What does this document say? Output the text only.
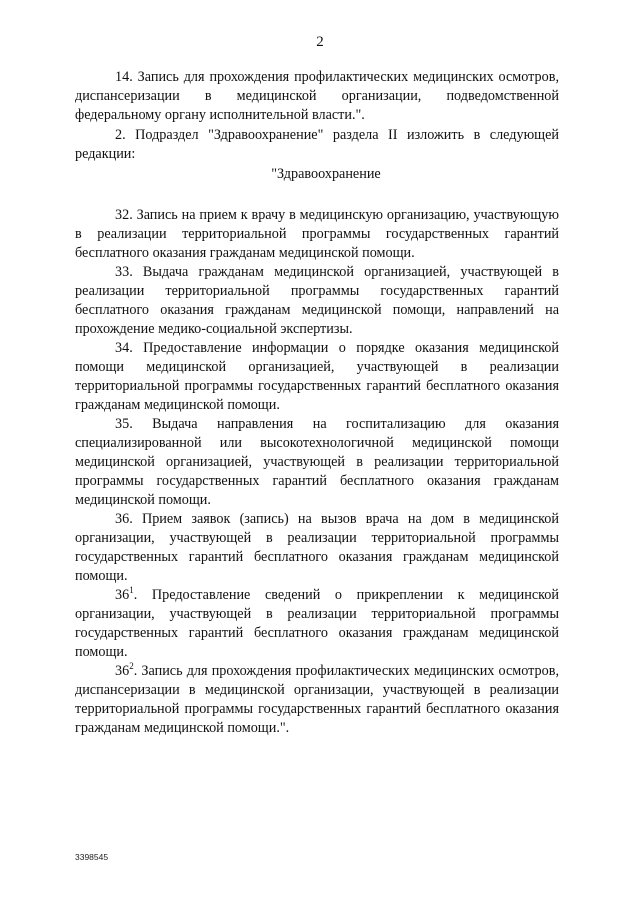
2

14. Запись для прохождения профилактических медицинских осмотров, диспансеризации в медицинской организации, подведомственной федеральному органу исполнительной власти.".

2. Подраздел "Здравоохранение" раздела II изложить в следующей редакции:

"Здравоохранение

32. Запись на прием к врачу в медицинскую организацию, участвующую в реализации территориальной программы государственных гарантий бесплатного оказания гражданам медицинской помощи.

33. Выдача гражданам медицинской организацией, участвующей в реализации территориальной программы государственных гарантий бесплатного оказания гражданам медицинской помощи, направлений на прохождение медико-социальной экспертизы.

34. Предоставление информации о порядке оказания медицинской помощи медицинской организацией, участвующей в реализации территориальной программы государственных гарантий бесплатного оказания гражданам медицинской помощи.

35. Выдача направления на госпитализацию для оказания специализированной или высокотехнологичной медицинской помощи медицинской организацией, участвующей в реализации территориальной программы государственных гарантий бесплатного оказания гражданам медицинской помощи.

36. Прием заявок (запись) на вызов врача на дом в медицинской организации, участвующей в реализации территориальной программы государственных гарантий бесплатного оказания гражданам медицинской помощи.

$36^1$. Предоставление сведений о прикреплении к медицинской организации, участвующей в реализации территориальной программы государственных гарантий бесплатного оказания гражданам медицинской помощи.

$36^2$. Запись для прохождения профилактических медицинских осмотров, диспансеризации в медицинской организации, участвующей в реализации территориальной программы государственных гарантий бесплатного оказания гражданам медицинской помощи.".

3398545
